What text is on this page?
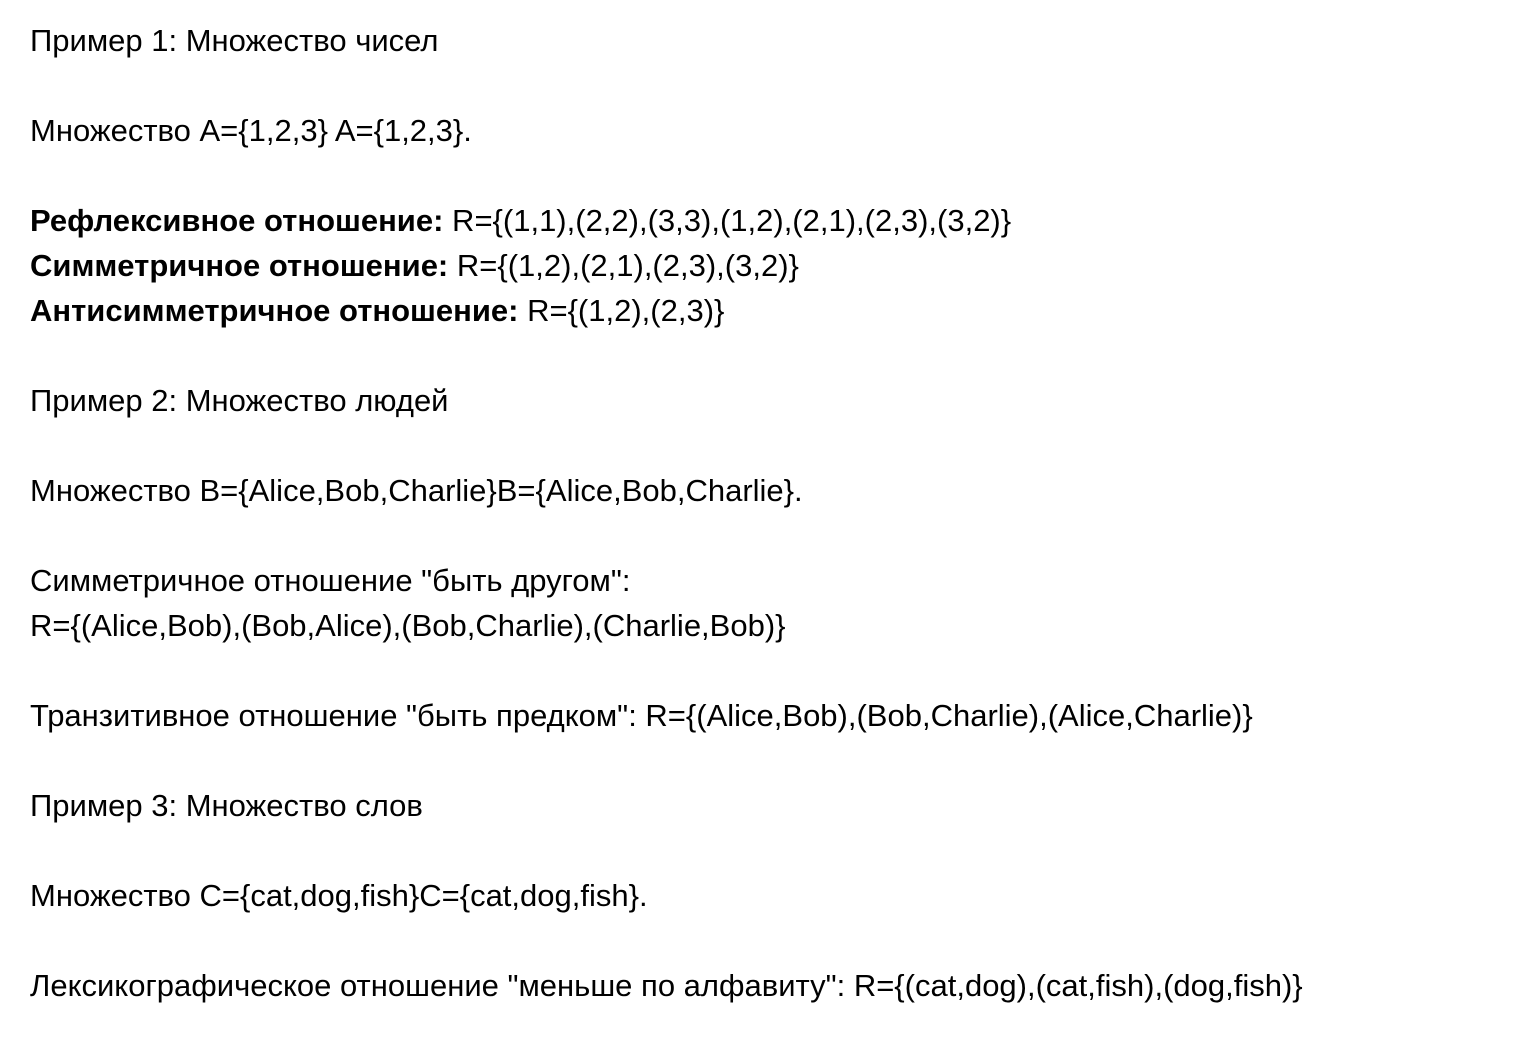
Пример 1: Множество чисел
Множество A={1,2,3} A={1,2,3}.
Рефлексивное отношение: R={(1,1),(2,2),(3,3),(1,2),(2,1),(2,3),(3,2)}
Симметричное отношение: R={(1,2),(2,1),(2,3),(3,2)}
Антисимметричное отношение: R={(1,2),(2,3)}
Пример 2: Множество людей
Множество B={Alice,Bob,Charlie}B={Alice,Bob,Charlie}.
Симметричное отношение "быть другом":
R={(Alice,Bob),(Bob,Alice),(Bob,Charlie),(Charlie,Bob)}
Транзитивное отношение "быть предком": R={(Alice,Bob),(Bob,Charlie),(Alice,Charlie)}
Пример 3: Множество слов
Множество C={cat,dog,fish}C={cat,dog,fish}.
Лексикографическое отношение "меньше по алфавиту": R={(cat,dog),(cat,fish),(dog,fish)}
